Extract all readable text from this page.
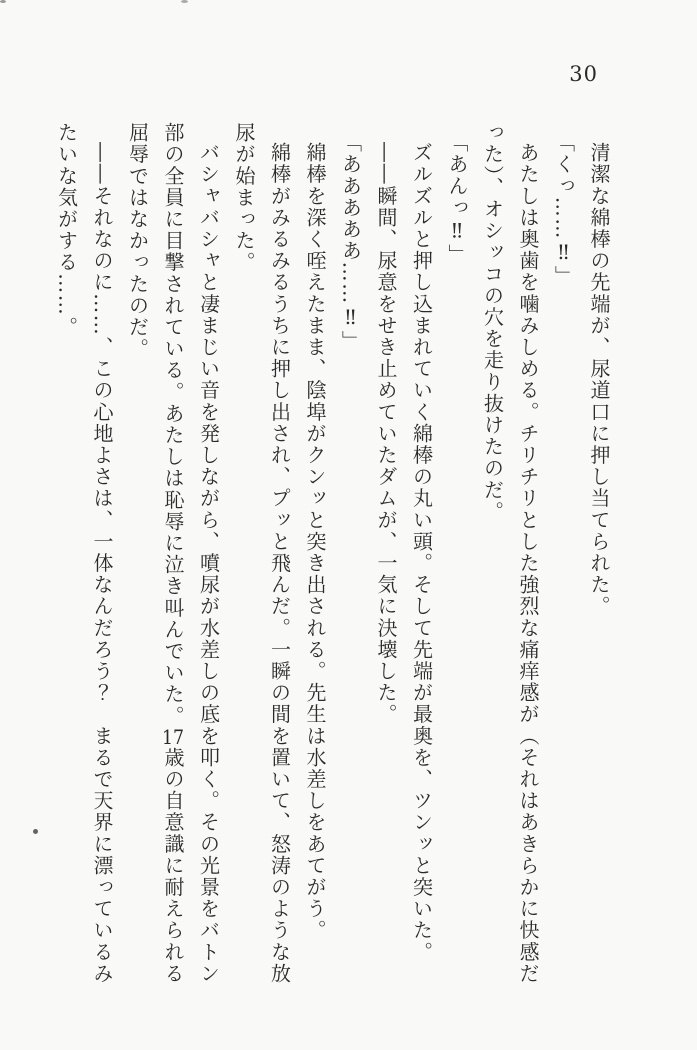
30

清潔な綿棒の先端が、尿道口に押し当てられた。

「くっ……‼」

あたしは奥歯を噛みしめる。チリチリとした強烈な痛痒感が（それはあきらかに快感だった）、オシッコの穴を走り抜けたのだ。

「あんっ‼」

ズルズルと押し込まれていく綿棒の丸い頭。そして先端が最奥を、ツンッと突いた。

――瞬間、尿意をせき止めていたダムが、一気に決壊した。

「あああああ……‼」

綿棒を深く咥えたまま、陰埠がクンッと突き出される。先生は水差しをあてがう。

綿棒がみるみるうちに押し出され、プッと飛んだ。一瞬の間を置いて、怒涛のような放尿が始まった。

バシャバシャと凄まじい音を発しながら、噴尿が水差しの底を叩く。その光景をバトン部の全員に目撃されている。あたしは恥辱に泣き叫んでいた。17歳の自意識に耐えられる屈辱ではなかったのだ。

――それなのに……、この心地よさは、一体なんだろう？　まるで天界に漂っているみたいな気がする……。
